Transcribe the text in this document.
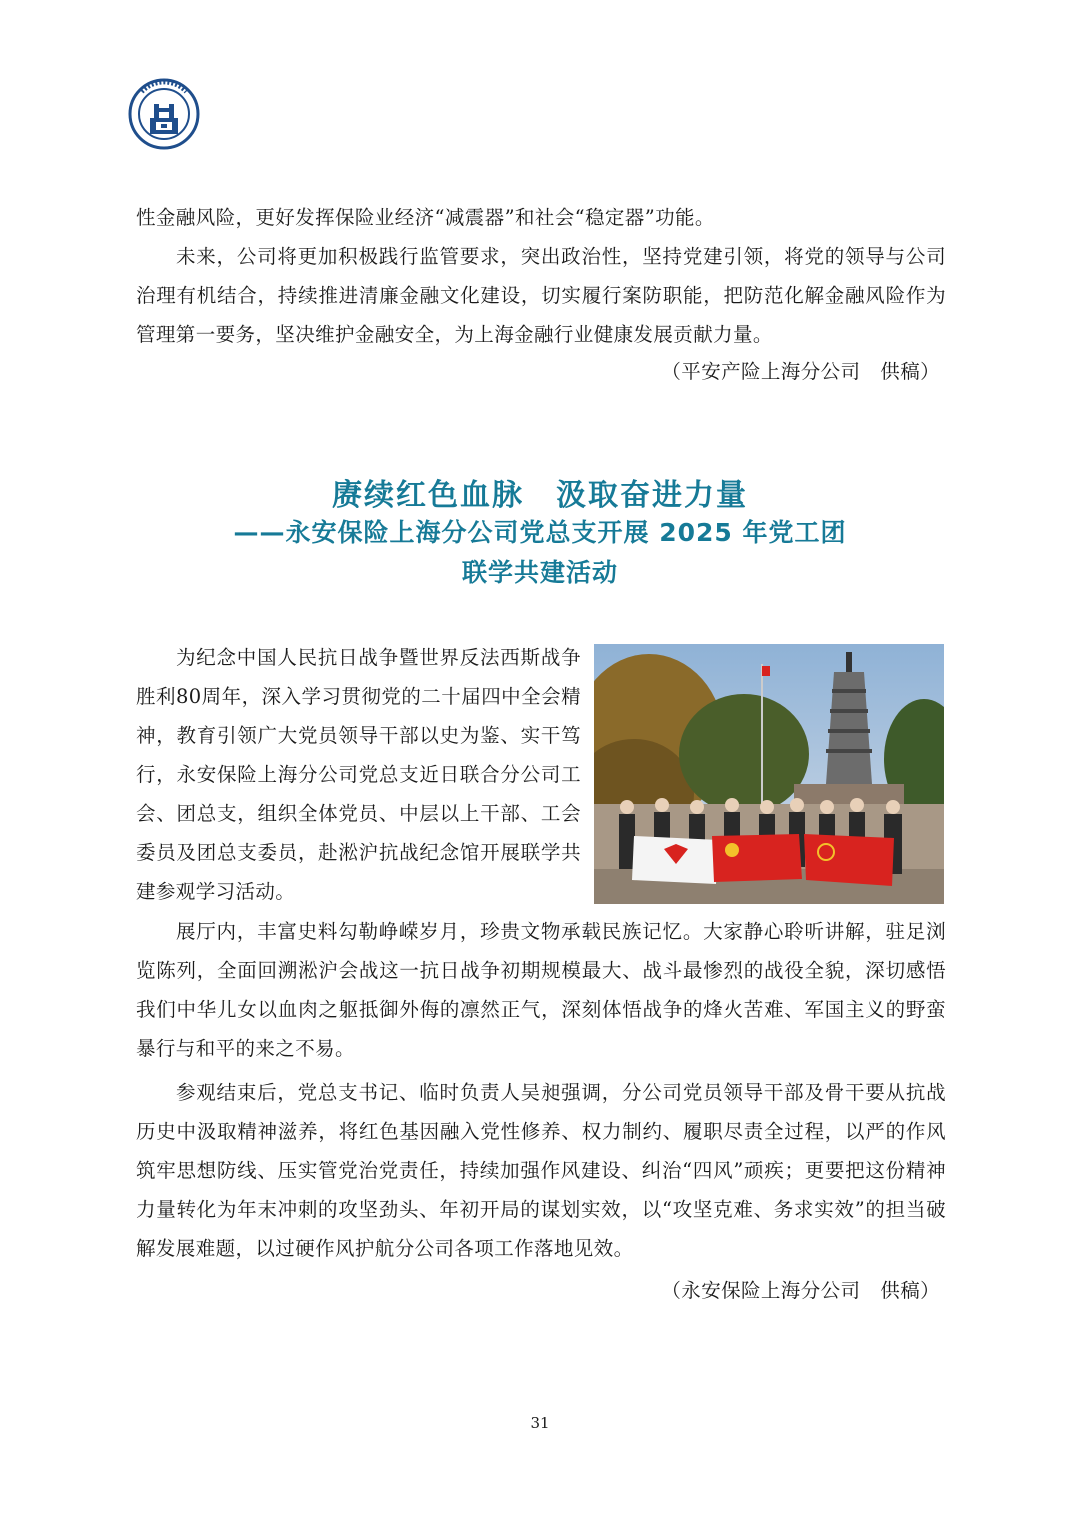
性金融风险，更好发挥保险业经济“减震器”和社会“稳定器”功能。

未来，公司将更加积极践行监管要求，突出政治性，坚持党建引领，将党的领导与公司治理有机结合，持续推进清廉金融文化建设，切实履行案防职能，把防范化解金融风险作为管理第一要务，坚决维护金融安全，为上海金融行业健康发展贡献力量。

（平安产险上海分公司　供稿）

赓续红色血脉　汲取奋进力量
——永安保险上海分公司党总支开展 2025 年党工团
联学共建活动

为纪念中国人民抗日战争暨世界反法西斯战争胜利80周年，深入学习贯彻党的二十届四中全会精神，教育引领广大党员领导干部以史为鉴、实干笃行，永安保险上海分公司党总支近日联合分公司工会、团总支，组织全体党员、中层以上干部、工会委员及团总支委员，赴淞沪抗战纪念馆开展联学共建参观学习活动。

展厅内，丰富史料勾勒峥嵘岁月，珍贵文物承载民族记忆。大家静心聆听讲解，驻足浏览陈列，全面回溯淞沪会战这一抗日战争初期规模最大、战斗最惨烈的战役全貌，深切感悟我们中华儿女以血肉之躯抵御外侮的凛然正气，深刻体悟战争的烽火苦难、军国主义的野蛮暴行与和平的来之不易。

参观结束后，党总支书记、临时负责人吴昶强调，分公司党员领导干部及骨干要从抗战历史中汲取精神滋养，将红色基因融入党性修养、权力制约、履职尽责全过程，以严的作风筑牢思想防线、压实管党治党责任，持续加强作风建设、纠治“四风”顽疾；更要把这份精神力量转化为年末冲刺的攻坚劲头、年初开局的谋划实效，以“攻坚克难、务求实效”的担当破解发展难题，以过硬作风护航分公司各项工作落地见效。

（永安保险上海分公司　供稿）

31
